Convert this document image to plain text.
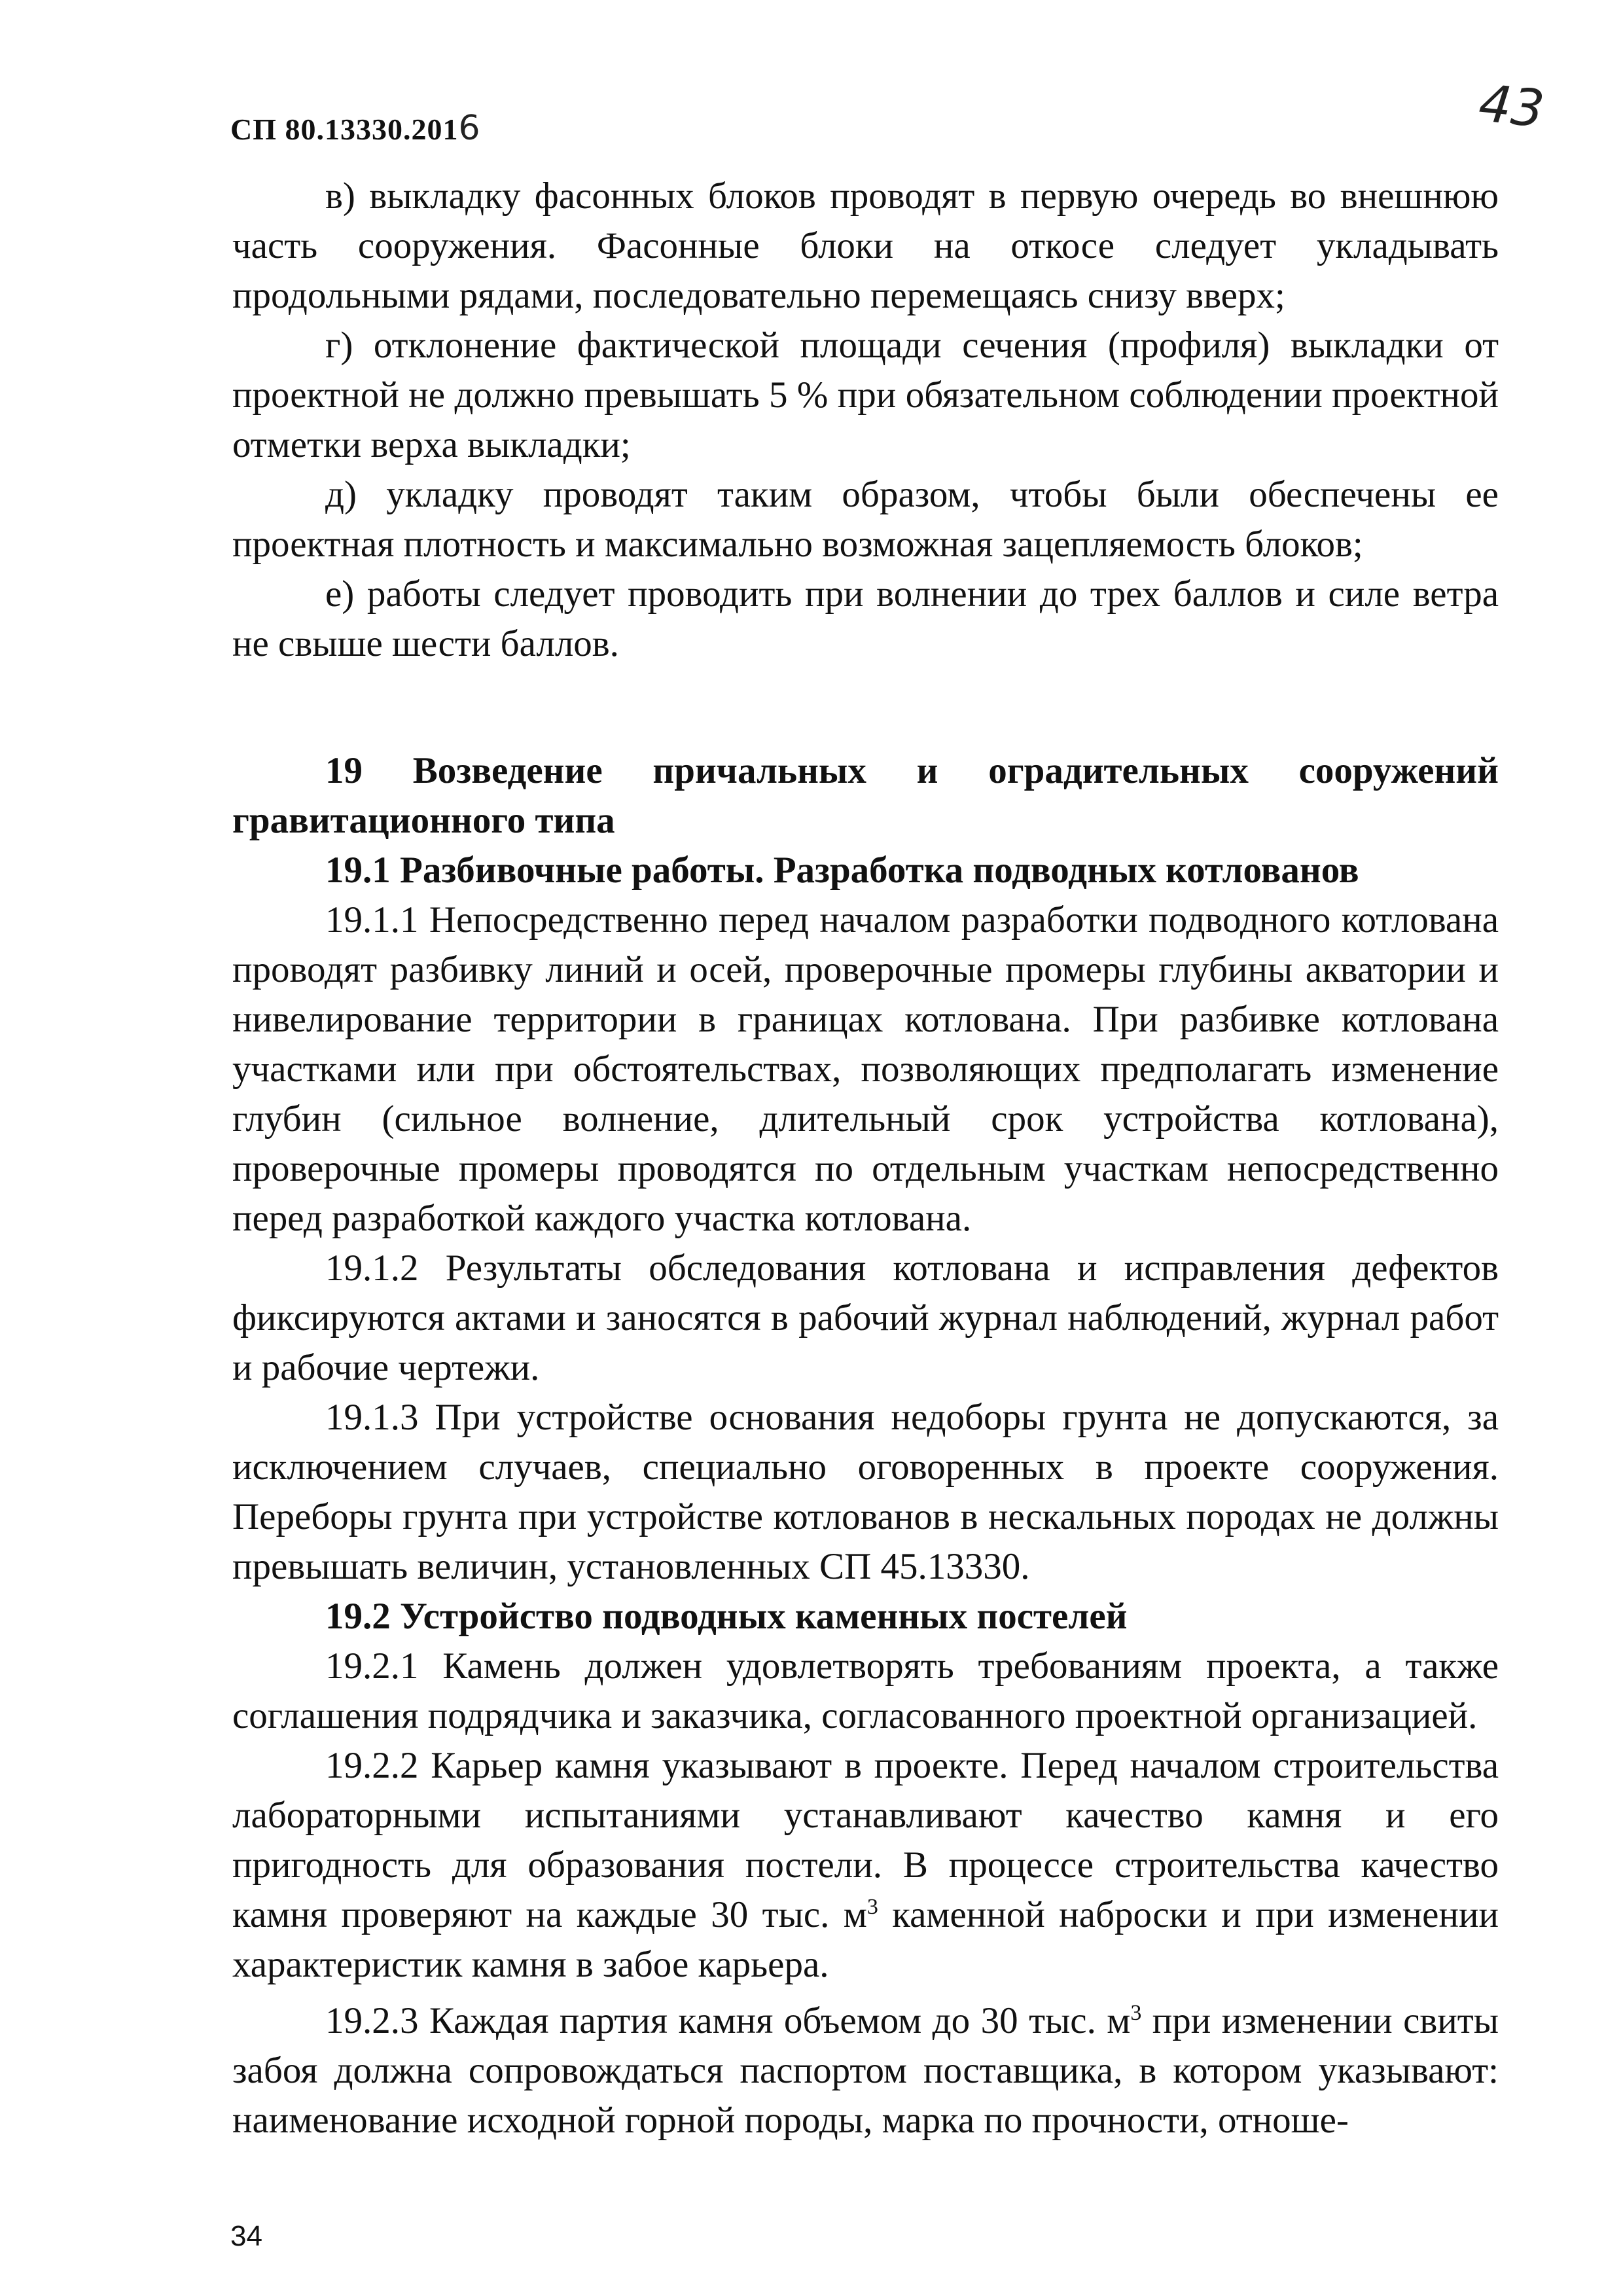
СП 80.13330.2016	43

в) выкладку фасонных блоков проводят в первую очередь во внешнюю часть сооружения. Фасонные блоки на откосе следует укладывать продольными рядами, последовательно перемещаясь снизу вверх;

г) отклонение фактической площади сечения (профиля) выкладки от проектной не должно превышать 5 % при обязательном соблюдении проектной отметки верха выкладки;

д) укладку проводят таким образом, чтобы были обеспечены ее проектная плотность и максимально возможная зацепляемость блоков;

е) работы следует проводить при волнении до трех баллов и силе ветра не свыше шести баллов.

19 Возведение причальных и оградительных сооружений гравитационного типа

19.1 Разбивочные работы. Разработка подводных котлованов

19.1.1 Непосредственно перед началом разработки подводного котлована проводят разбивку линий и осей, проверочные промеры глубины акватории и нивелирование территории в границах котлована. При разбивке котлована участками или при обстоятельствах, позволяющих предполагать изменение глубин (сильное волнение, длительный срок устройства котлована), проверочные промеры проводятся по отдельным участкам непосредственно перед разработкой каждого участка котлована.

19.1.2 Результаты обследования котлована и исправления дефектов фиксируются актами и заносятся в рабочий журнал наблюдений, журнал работ и рабочие чертежи.

19.1.3 При устройстве основания недоборы грунта не допускаются, за исключением случаев, специально оговоренных в проекте сооружения. Переборы грунта при устройстве котлованов в нескальных породах не должны превышать величин, установленных СП 45.13330.

19.2 Устройство подводных каменных постелей

19.2.1 Камень должен удовлетворять требованиям проекта, а также соглашения подрядчика и заказчика, согласованного проектной организацией.

19.2.2 Карьер камня указывают в проекте. Перед началом строительства лабораторными испытаниями устанавливают качество камня и его пригодность для образования постели. В процессе строительства качество камня проверяют на каждые 30 тыс. $м^3$ каменной наброски и при изменении характеристик камня в забое карьера.

19.2.3 Каждая партия камня объемом до 30 тыс. $м^3$ при изменении свиты забоя должна сопровождаться паспортом поставщика, в котором указывают: наименование исходной горной породы, марка по прочности, отноше-

34
